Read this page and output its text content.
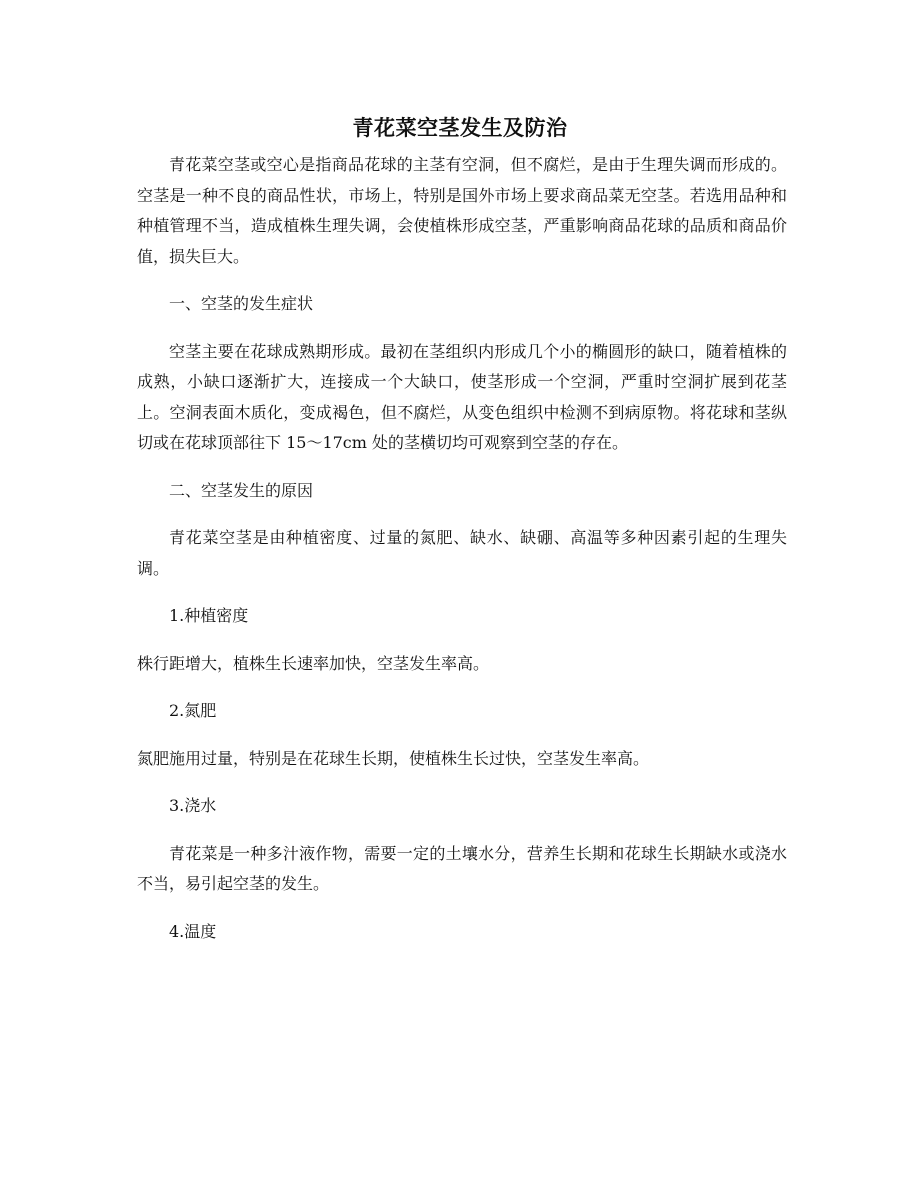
青花菜空茎发生及防治

青花菜空茎或空心是指商品花球的主茎有空洞，但不腐烂，是由于生理失调而形成的。空茎是一种不良的商品性状，市场上，特别是国外市场上要求商品菜无空茎。若选用品种和种植管理不当，造成植株生理失调，会使植株形成空茎，严重影响商品花球的品质和商品价值，损失巨大。

一、空茎的发生症状

空茎主要在花球成熟期形成。最初在茎组织内形成几个小的椭圆形的缺口，随着植株的成熟，小缺口逐渐扩大，连接成一个大缺口，使茎形成一个空洞，严重时空洞扩展到花茎上。空洞表面木质化，变成褐色，但不腐烂，从变色组织中检测不到病原物。将花球和茎纵切或在花球顶部往下 15～17cm 处的茎横切均可观察到空茎的存在。

二、空茎发生的原因

青花菜空茎是由种植密度、过量的氮肥、缺水、缺硼、高温等多种因素引起的生理失调。

1.种植密度

株行距增大，植株生长速率加快，空茎发生率高。

2.氮肥

氮肥施用过量，特别是在花球生长期，使植株生长过快，空茎发生率高。

3.浇水

青花菜是一种多汁液作物，需要一定的土壤水分，营养生长期和花球生长期缺水或浇水不当，易引起空茎的发生。

4.温度
